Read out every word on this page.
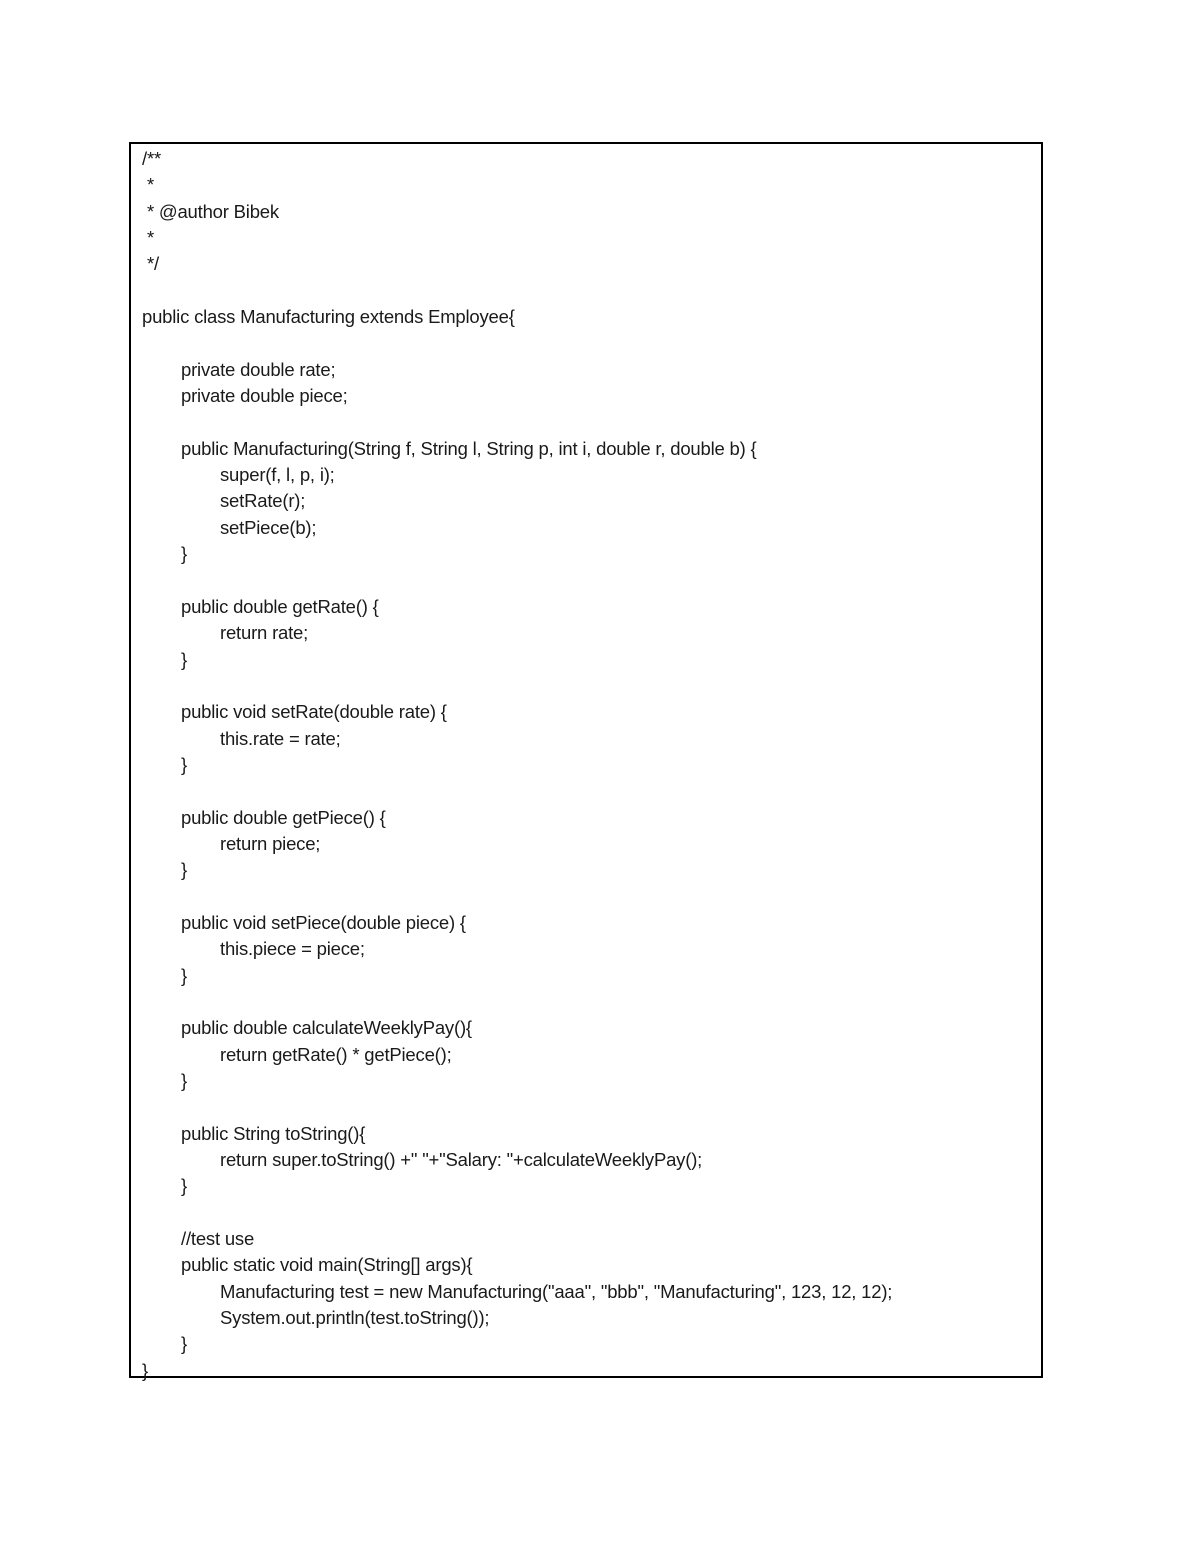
/**
*
* @author Bibek
*
*/
public class Manufacturing extends Employee{
private double rate;
private double piece;
public Manufacturing(String f, String l, String p, int i, double r, double b) {
super(f, l, p, i);
setRate(r);
setPiece(b);
}
public double getRate() {
return rate;
}
public void setRate(double rate) {
this.rate = rate;
}
public double getPiece() {
return piece;
}
public void setPiece(double piece) {
this.piece = piece;
}
public double calculateWeeklyPay(){
return getRate() * getPiece();
}
public String toString(){
return super.toString() +" "+"Salary: "+calculateWeeklyPay();
}
//test use
public static void main(String[] args){
Manufacturing test = new Manufacturing("aaa", "bbb", "Manufacturing", 123, 12, 12);
System.out.println(test.toString());
}
}
